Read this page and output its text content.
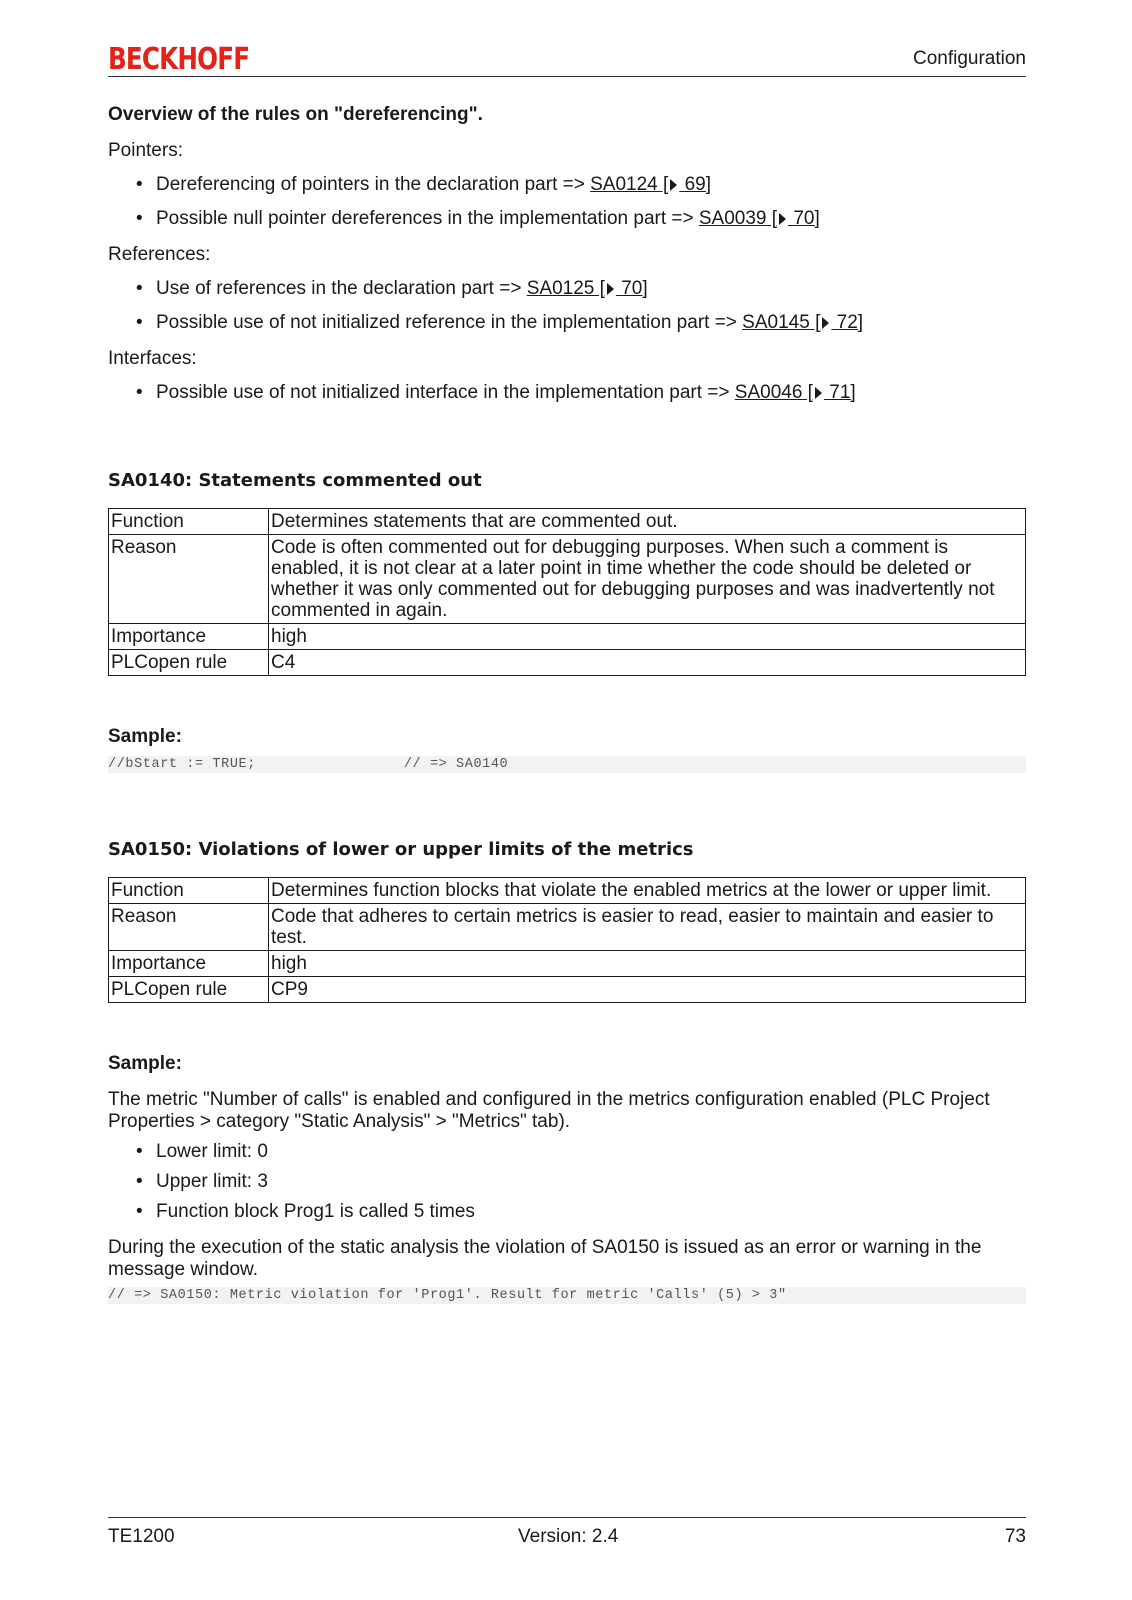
BECKHOFF	Configuration

Overview of the rules on "dereferencing".

Pointers:

• Dereferencing of pointers in the declaration part => SA0124 [ 69]
• Possible null pointer dereferences in the implementation part => SA0039 [ 70]

References:

• Use of references in the declaration part => SA0125 [ 70]
• Possible use of not initialized reference in the implementation part => SA0145 [ 72]

Interfaces:

• Possible use of not initialized interface in the implementation part => SA0046 [ 71]

SA0140: Statements commented out

Function	Determines statements that are commented out.
Reason	Code is often commented out for debugging purposes. When such a comment is enabled, it is not clear at a later point in time whether the code should be deleted or whether it was only commented out for debugging purposes and was inadvertently not commented in again.
Importance	high
PLCopen rule	C4

Sample:

//bStart := TRUE;                 // => SA0140

SA0150: Violations of lower or upper limits of the metrics

Function	Determines function blocks that violate the enabled metrics at the lower or upper limit.
Reason	Code that adheres to certain metrics is easier to read, easier to maintain and easier to test.
Importance	high
PLCopen rule	CP9

Sample:

The metric "Number of calls" is enabled and configured in the metrics configuration enabled (PLC Project Properties > category "Static Analysis" > "Metrics" tab).

• Lower limit: 0
• Upper limit: 3
• Function block Prog1 is called 5 times

During the execution of the static analysis the violation of SA0150 is issued as an error or warning in the message window.

// => SA0150: Metric violation for 'Prog1'. Result for metric 'Calls' (5) > 3"
TE1200	Version: 2.4	73
